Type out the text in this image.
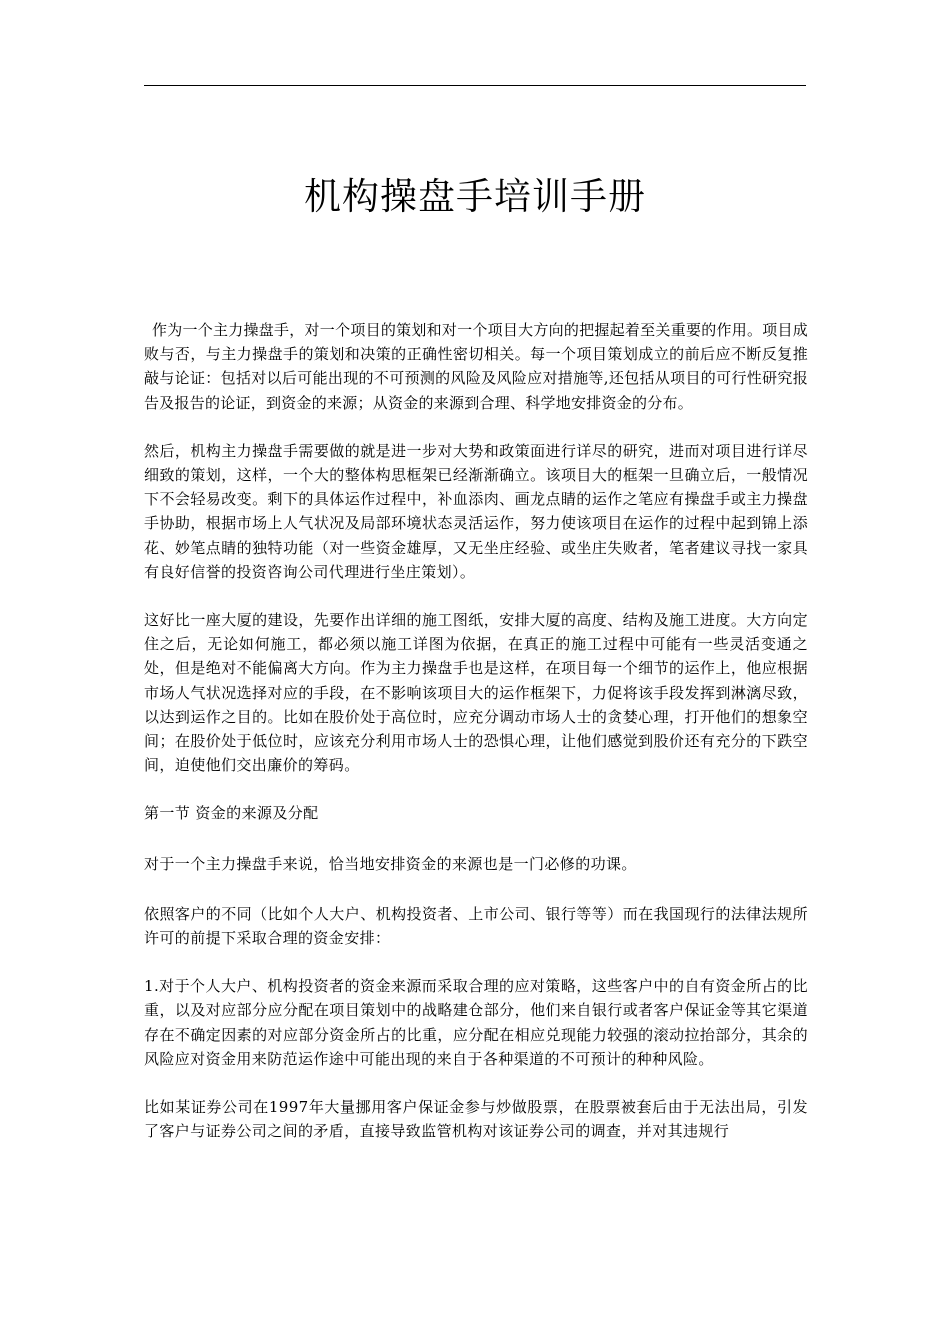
机构操盘手培训手册

作为一个主力操盘手，对一个项目的策划和对一个项目大方向的把握起着至关重要的作用。项目成败与否，与主力操盘手的策划和决策的正确性密切相关。每一个项目策划成立的前后应不断反复推敲与论证：包括对以后可能出现的不可预测的风险及风险应对措施等,还包括从项目的可行性研究报告及报告的论证，到资金的来源；从资金的来源到合理、科学地安排资金的分布。

然后，机构主力操盘手需要做的就是进一步对大势和政策面进行详尽的研究，进而对项目进行详尽细致的策划，这样，一个大的整体构思框架已经渐渐确立。该项目大的框架一旦确立后，一般情况下不会轻易改变。剩下的具体运作过程中，补血添肉、画龙点睛的运作之笔应有操盘手或主力操盘手协助，根据市场上人气状况及局部环境状态灵活运作，努力使该项目在运作的过程中起到锦上添花、妙笔点睛的独特功能（对一些资金雄厚，又无坐庄经验、或坐庄失败者，笔者建议寻找一家具有良好信誉的投资咨询公司代理进行坐庄策划）。

这好比一座大厦的建设，先要作出详细的施工图纸，安排大厦的高度、结构及施工进度。大方向定住之后，无论如何施工，都必须以施工详图为依据，在真正的施工过程中可能有一些灵活变通之处，但是绝对不能偏离大方向。作为主力操盘手也是这样，在项目每一个细节的运作上，他应根据市场人气状况选择对应的手段，在不影响该项目大的运作框架下，力促将该手段发挥到淋漓尽致，以达到运作之目的。比如在股价处于高位时，应充分调动市场人士的贪婪心理，打开他们的想象空间；在股价处于低位时，应该充分利用市场人士的恐惧心理，让他们感觉到股价还有充分的下跌空间，迫使他们交出廉价的筹码。

第一节 资金的来源及分配

对于一个主力操盘手来说，恰当地安排资金的来源也是一门必修的功课。

依照客户的不同（比如个人大户、机构投资者、上市公司、银行等等）而在我国现行的法律法规所许可的前提下采取合理的资金安排：

1.对于个人大户、机构投资者的资金来源而采取合理的应对策略，这些客户中的自有资金所占的比重，以及对应部分应分配在项目策划中的战略建仓部分，他们来自银行或者客户保证金等其它渠道存在不确定因素的对应部分资金所占的比重，应分配在相应兑现能力较强的滚动拉抬部分，其余的风险应对资金用来防范运作途中可能出现的来自于各种渠道的不可预计的种种风险。

比如某证券公司在1997年大量挪用客户保证金参与炒做股票，在股票被套后由于无法出局，引发了客户与证券公司之间的矛盾，直接导致监管机构对该证券公司的调查，并对其违规行
